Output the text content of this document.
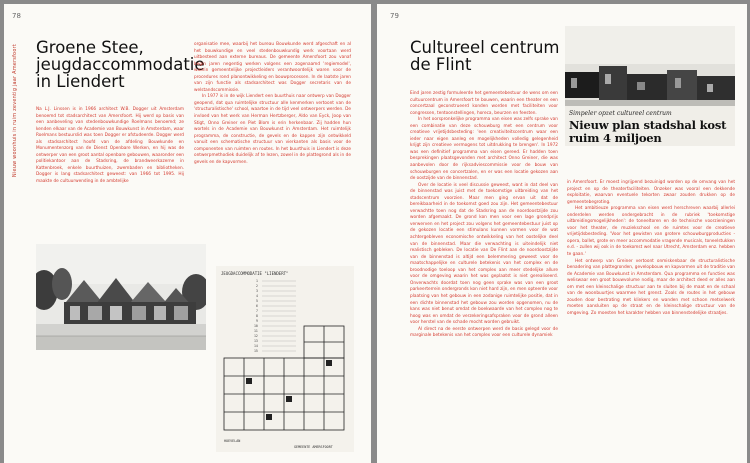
78
Nieuw woonhuis in ruim zeventig jaar Amersfoort Groene Stee, jeugdaccommodatie in Liendert

Na L.J. Linssen is in 1966 architect W.B. Dogger uit Amsterdam benoemd tot stadsarchitect van Amersfoort. Hij werd op basis van een aanbeveling van stedenbouwkundige Roelmans benoemd; ze kenden elkaar van de Academie van Bouwkunst in Amsterdam, waar Roelmans bestuurslid was toen Dogger er afstudeerde. Dogger werd als stadsarchitect hoofd van de afdeling Bouwkunde en Monumentenzorg van de Dienst Openbare Werken, en hij was de ontwerper van een groot aantal openbare gebouwen, waaronder een politiekantoor aan de Stadsring, de brandweerkazerne in Kattenbroek, enkele buurthuizen, zwembaden en bibliotheken. Dogger is lang stadsarchitect geweest: van 1966 tot 1995. Hij maakte de cultuurwending in de ambtelijke

organisatie mee, waarbij het bureau Bouwkunde werd afgeschaft en al het bouwkundige en veel stedenbouwkundig werk voortaan werd uitbesteed aan externe bureaus. De gemeente Amersfoort zou vanaf begin jaren negentig werken volgens een zogenaamd 'regiemodel', waarin gemeentelijke projectleiders verantwoordelijk waren voor de procedures rond planontwikkeling en bouwprocessen. In de laatste jaren van zijn functie als stadsarchitect was Dogger secretaris van de welstandscommissie.

In 1977 is in de wijk Liendert een buurthuis naar ontwerp van Dogger geopend, dat qua ruimtelijke structuur alle kenmerken vertoont van de 'structuralistische' school, waartoe in de tijd veel ontwerpers werden. De invloed van het werk van Herman Hertzberger, Aldo van Eyck, Joop van Stigt, Onno Greiner en Piet Blom is erin herkenbaar. Zij hadden hun wortels in de Academie van Bouwkunst in Amsterdam. Het ruimtelijk programma, de constructie, de gevels en de kappen zijn ontwikkeld vanuit een schematische structuur van vierkanten als basis voor de componenten van ruimten en routes. In het buurthuis in Liendert is deze ontwerpmethodiek duidelijk af te lezen, zowel in de plattegrond als in de gevels en de kapvormen.

JEUGDACCOMMODATIE "LIENDERT"
1
2
3
4
5
6
7
8
9
10
11
12
13
14
15
HOEVELAN
GEMEENTE AMERSFOORT
79
Cultureel centrum de Flint
Simpeler opzet cultureel centrum
Nieuw plan stadshal kost ruim 4 miljoen

Eind jaren zestig formuleerde het gemeentebestuur de wens om een cultuurcentrum in Amersfoort te bouwen, waarin een theater en een concertzaal geconstrueerd konden worden met faciliteiten voor congressen, tentoonstellingen, horeca, beurzen en feesten.

In het oorspronkelijke programma van eisen was zelfs sprake van een combinatie van deze schouwburg met een centrum voor creatieve vrijetijdsbesteding: 'een creativiteitscentrum waar een ieder naar eigen aanleg en mogelijkheden volledig gelegenheid krijgt zijn creatieve vermogens tot uitdrukking te brengen'. In 1972 was een definitief programma van eisen gereed. Er hadden toen besprekingen plaatsgevonden met architect Onno Greiner, die was aanbevolen door de rijksadviescommissie voor de bouw van schouwburgen en concertzalen, en er was een locatie gekozen aan de oostzijde van de binnenstad.

Over de locatie is veel discussie geweest, want in dat deel van de binnenstad was juist met de toekomstige uitbreiding van het stadscentrum voorzien. Maar men ging ervan uit dat de bereikbaarheid in de toekomst goed zou zijn. Het gemeentebestuur verwachtte toen nog dat de Stadsring aan de noordoostzijde zou worden afgemaakt. De grond kon men voor een lage grondprijs verwerven en het project zou volgens het gemeentebestuur juist op de gekozen locatie een stimulans kunnen vormen voor de wat achtergebleven economische ontwikkeling van het oostelijke deel van de binnenstad. Maar die verwachting is uiteindelijk niet realistisch gebleken. De locatie van De Flint aan de noordoostzijde van de binnenstad is altijd een belemmering geweest voor de maatschappelijke en culturele betekenis van het complex en de broodnodige toeloop van het complex aan meer stedelijke allure voor de omgeving waarin het was geplaatst is niet gerealiseerd. Onverwachts doordat toen nog geen sprake was van een groot parkeerterrein ondergronds kon niet hard zijn, en men opteerde voor plaatsing van het gebouw in een zodanige ruimtelijke positie, dat in een dichte binnenstad het gebouw zou worden opgenomen, nu de kans was niet benut omdat de boekwaarde van het complex nog te hoog was en omdat de verzekeringsafspraken voor de grond alleen voor herstel van de schade mocht worden gebruikt.

Al direct na de eerste ontwerpen werd de basis gelegd voor de marginale betekenis van het complex voor een culturele dynamiek

in Amersfoort. Er moest ingrijpend bezuinigd worden op de omvang van het project en op de theaterfaciliteiten. Onzeker was vooral een dekkende exploitatie, waarvan eventuele tekorten zwaar zouden drukken op de gemeentebegroting.

Het ambitieuze programma van eisen werd herschreven waarbij allerlei onderdelen werden ondergebracht in de rubriek 'toekomstige uitbreidingsmogelijkheden': de toneeltoren en de technische voorzieningen voor het theater, de muziekschool en de ruimtes voor de creatieve vrijetijdsbesteding. 'Voor het gewisten van grotere schouwburgproducties - opera, ballet, grote en meer accommodatie vragende musicals, toneelstukken e.d. - zullen wij ook in de toekomst wel naar Utrecht, Amsterdam enz. hebben te gaan.'

Het ontwerp van Greiner vertoont onmiskenbaar de structuralistische benadering van plattegronden, gevelopbouw en kapvormen uit de traditie van de Academie van Bouwkunst in Amsterdam. Qua programma en functies was weliswaar een groot bouwvolume nodig, maar de architect deed er alles aan om met een kleinschalige structuur aan te sluiten bij de maat en de schaal van de woonbuurtjes waarmee het grenst. Zoals de routes in het gebouw zouden door bestrating met klinkers en wanden met schoon metselwerk moeten aansluiten op de straat en de kleinschalige structuur van de omgeving. Zo moesten het karakter hebben van binnenstedelijke straatjes.
